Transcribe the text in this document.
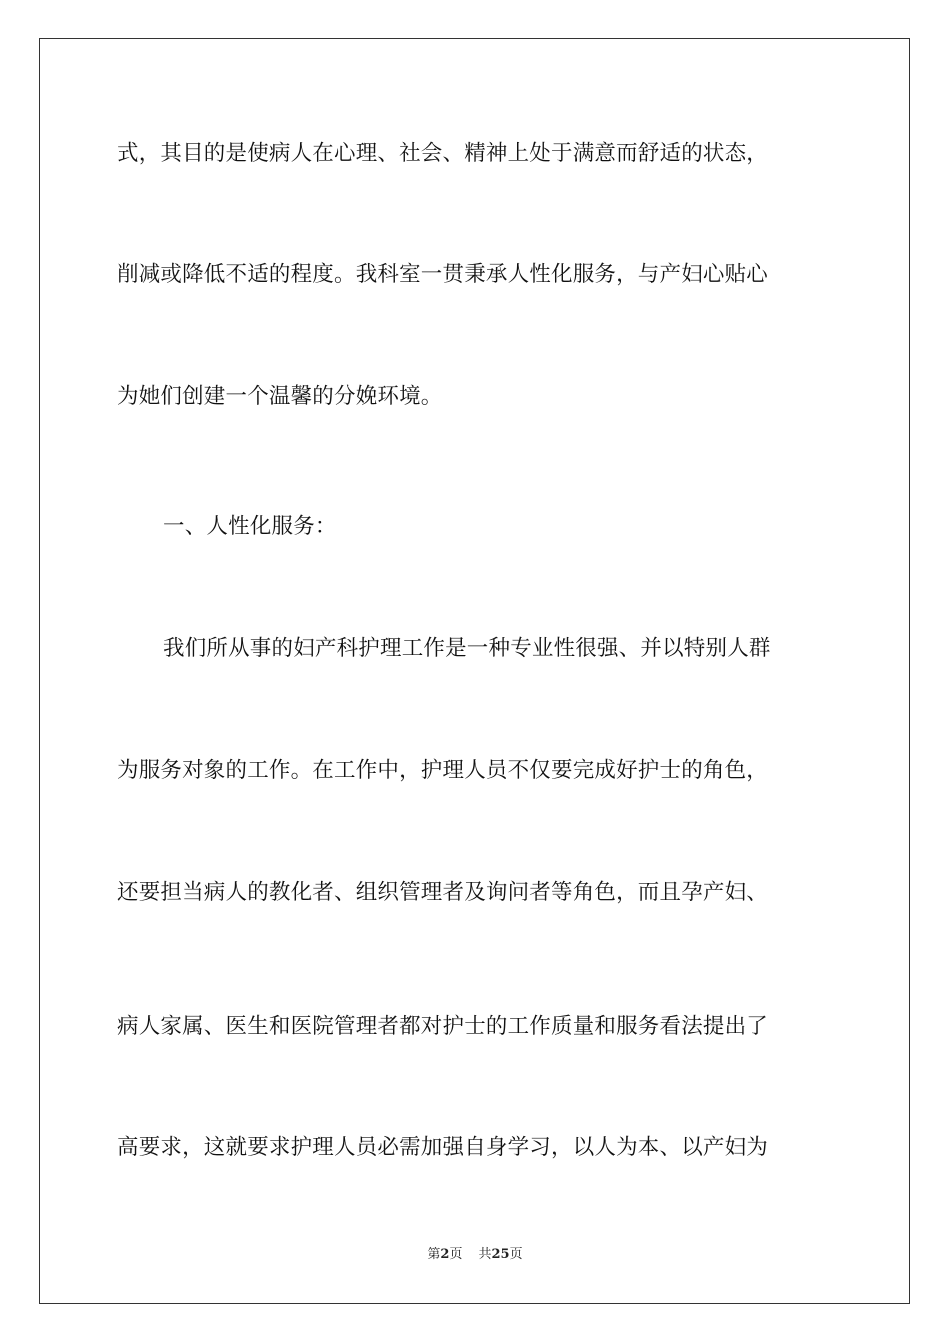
式，其目的是使病人在心理、社会、精神上处于满意而舒适的状态，
削减或降低不适的程度。我科室一贯秉承人性化服务，与产妇心贴心
为她们创建一个温馨的分娩环境。
一、人性化服务：
我们所从事的妇产科护理工作是一种专业性很强、并以特别人群
为服务对象的工作。在工作中，护理人员不仅要完成好护士的角色，
还要担当病人的教化者、组织管理者及询问者等角色，而且孕产妇、
病人家属、医生和医院管理者都对护士的工作质量和服务看法提出了
高要求，这就要求护理人员必需加强自身学习，以人为本、以产妇为
第2页 共25页
